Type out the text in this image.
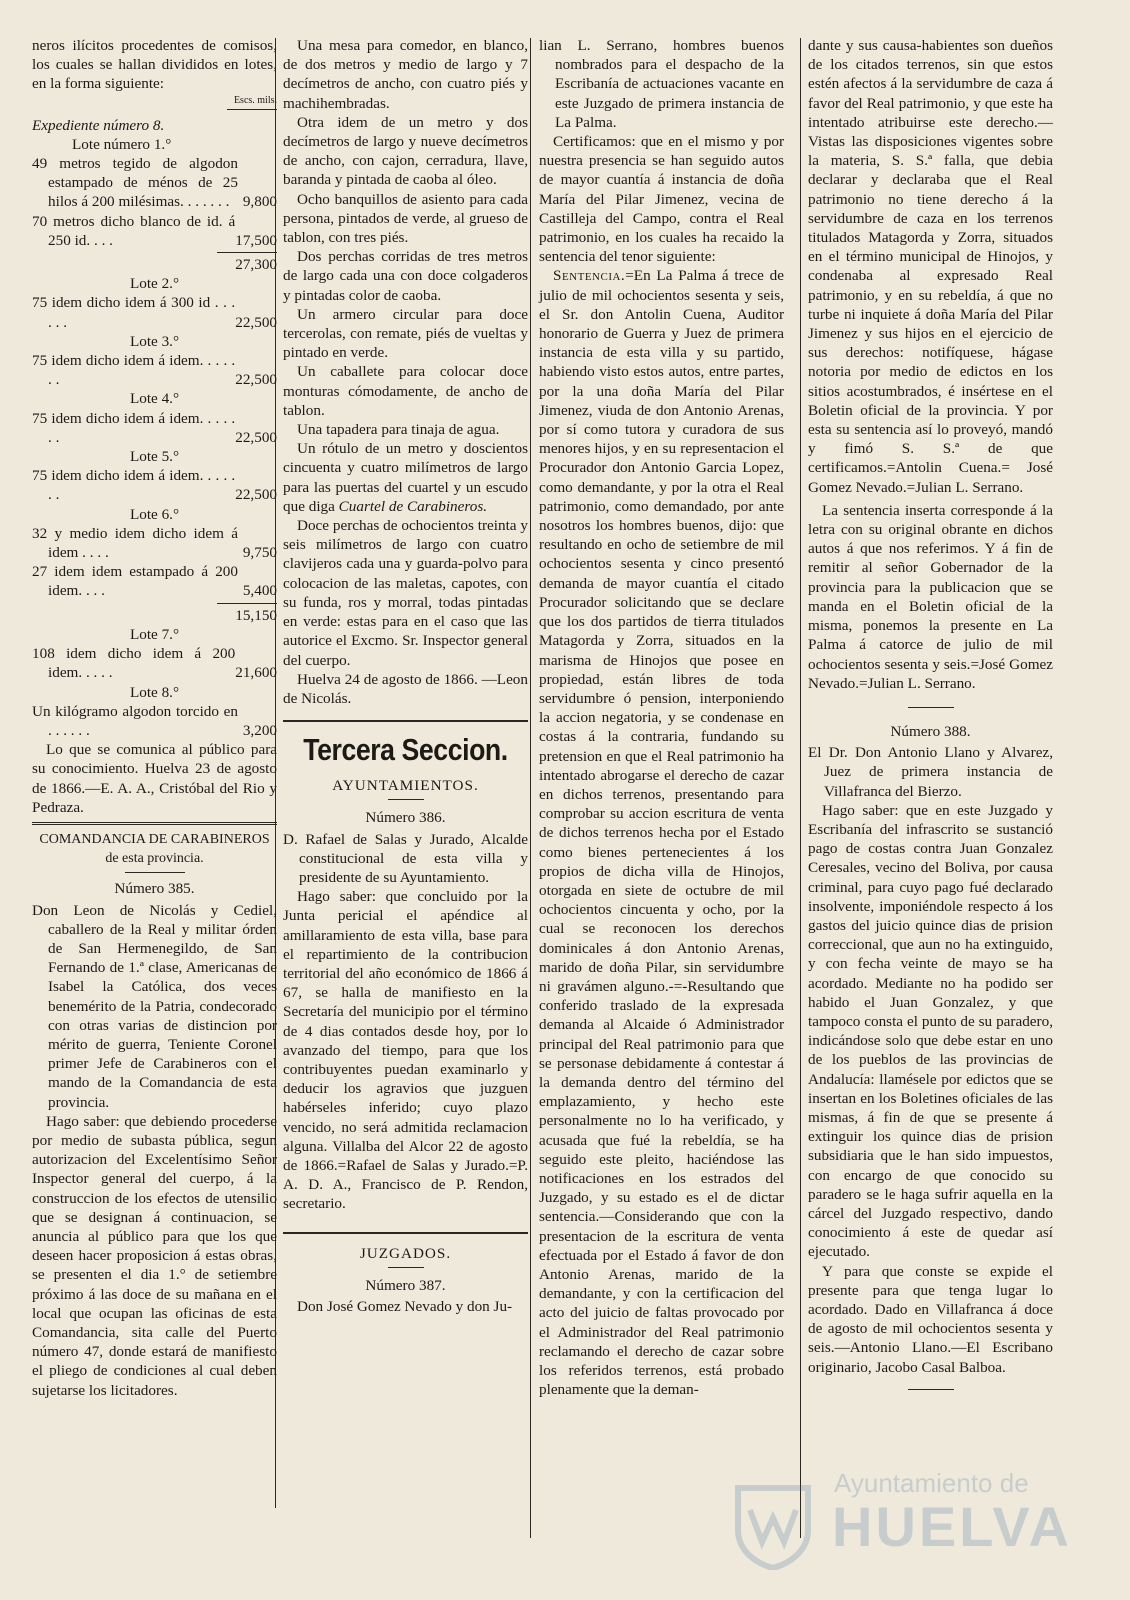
neros ilícitos procedentes de comisos, los cuales se hallan divididos en lotes, en la forma siguiente:

Escs. mils.
Expediente número 8.
Lote número 1.°
49 metros tegido de algodon estampado de ménos de 25 hilos á 200 milésimas. . . . . . . 9,800
70 metros dicho blanco de id. á 250 id. . . .	17,500
27,300
Lote 2.°
75 idem dicho idem á 300 id . . . . . .	22,500
Lote 3.°
75 idem dicho idem á idem. . . . . . .	22,500
Lote 4.°
75 idem dicho idem á idem. . . . . . .	22,500
Lote 5.°
75 idem dicho idem á idem. . . . . . .	22,500
Lote 6.°
32 y medio idem dicho idem á idem . . . .	9,750
27 idem idem estampado á 200 idem. . . .	5,400
15,150
Lote 7.°
108 idem dicho idem á 200 idem. . . . .	21,600
Lote 8.°
Un kilógramo algodon torcido en . . . . . .	3,200

Lo que se comunica al público para su conocimiento. Huelva 23 de agosto de 1866.—E. A. A., Cristóbal del Rio y Pedraza.

COMANDANCIA DE CARABINEROS de esta provincia.
Número 385.

Don Leon de Nicolás y Cediel, caballero de la Real y militar órden de San Hermenegildo, de San Fernando de 1.ª clase, Americanas de Isabel la Católica, dos veces benemérito de la Patria, condecorado con otras varias de distincion por mérito de guerra, Teniente Coronel primer Jefe de Carabineros con el mando de la Comandancia de esta provincia.

Hago saber: que debiendo procederse por medio de subasta pública, segun autorizacion del Excelentísimo Señor Inspector general del cuerpo, á la construccion de los efectos de utensilio que se designan á continuacion, se anuncia al público para que los que deseen hacer proposicion á estas obras, se presenten el dia 1.° de setiembre próximo á las doce de su mañana en el local que ocupan las oficinas de esta Comandancia, sita calle del Puerto número 47, donde estará de manifiesto el pliego de condiciones al cual deben sujetarse los licitadores.

Una mesa para comedor, en blanco, de dos metros y medio de largo y 7 decímetros de ancho, con cuatro piés y machihembradas.

Otra idem de un metro y dos decímetros de largo y nueve decímetros de ancho, con cajon, cerradura, llave, baranda y pintada de caoba al óleo.

Ocho banquillos de asiento para cada persona, pintados de verde, al grueso de tablon, con tres piés.

Dos perchas corridas de tres metros de largo cada una con doce colgaderos y pintadas color de caoba.

Un armero circular para doce tercerolas, con remate, piés de vueltas y pintado en verde.

Un caballete para colocar doce monturas cómodamente, de ancho de tablon.

Una tapadera para tinaja de agua.

Un rótulo de un metro y doscientos cincuenta y cuatro milímetros de largo para las puertas del cuartel y un escudo que diga Cuartel de Carabineros.

Doce perchas de ochocientos treinta y seis milímetros de largo con cuatro clavijeros cada una y guarda-polvo para colocacion de las maletas, capotes, con su funda, ros y morral, todas pintadas en verde: estas para en el caso que las autorice el Excmo. Sr. Inspector general del cuerpo.

Huelva 24 de agosto de 1866. —Leon de Nicolás.

Tercera Seccion.
AYUNTAMIENTOS.
Número 386.

D. Rafael de Salas y Jurado, Alcalde constitucional de esta villa y presidente de su Ayuntamiento.

Hago saber: que concluido por la Junta pericial el apéndice al amillaramiento de esta villa, base para el repartimiento de la contribucion territorial del año económico de 1866 á 67, se halla de manifiesto en la Secretaría del municipio por el término de 4 dias contados desde hoy, por lo avanzado del tiempo, para que los contribuyentes puedan examinarlo y deducir los agravios que juzguen habérseles inferido; cuyo plazo vencido, no será admitida reclamacion alguna. Villalba del Alcor 22 de agosto de 1866.=Rafael de Salas y Jurado.=P. A. D. A., Francisco de P. Rendon, secretario.

JUZGADOS.
Número 387.

Don José Gomez Nevado y don Ju-

lian L. Serrano, hombres buenos nombrados para el despacho de la Escribanía de actuaciones vacante en este Juzgado de primera instancia de La Palma.

Certificamos: que en el mismo y por nuestra presencia se han seguido autos de mayor cuantía á instancia de doña María del Pilar Jimenez, vecina de Castilleja del Campo, contra el Real patrimonio, en los cuales ha recaido la sentencia del tenor siguiente:

Sentencia.=En La Palma á trece de julio de mil ochocientos sesenta y seis, el Sr. don Antolin Cuena, Auditor honorario de Guerra y Juez de primera instancia de esta villa y su partido, habiendo visto estos autos, entre partes, por la una doña María del Pilar Jimenez, viuda de don Antonio Arenas, por sí como tutora y curadora de sus menores hijos, y en su representacion el Procurador don Antonio Garcia Lopez, como demandante, y por la otra el Real patrimonio, como demandado, por ante nosotros los hombres buenos, dijo: que resultando en ocho de setiembre de mil ochocientos sesenta y cinco presentó demanda de mayor cuantía el citado Procurador solicitando que se declare que los dos partidos de tierra titulados Matagorda y Zorra, situados en la marisma de Hinojos que posee en propiedad, están libres de toda servidumbre ó pension, interponiendo la accion negatoria, y se condenase en costas á la contraria, fundando su pretension en que el Real patrimonio ha intentado abrogarse el derecho de cazar en dichos terrenos, presentando para comprobar su accion escritura de venta de dichos terrenos hecha por el Estado como bienes pertenecientes á los propios de dicha villa de Hinojos, otorgada en siete de octubre de mil ochocientos cincuenta y ocho, por la cual se reconocen los derechos dominicales á don Antonio Arenas, marido de doña Pilar, sin servidumbre ni gravámen alguno.-=-Resultando que conferido traslado de la expresada demanda al Alcaide ó Administrador principal del Real patrimonio para que se personase debidamente á contestar á la demanda dentro del término del emplazamiento, y hecho este personalmente no lo ha verificado, y acusada que fué la rebeldía, se ha seguido este pleito, haciéndose las notificaciones en los estrados del Juzgado, y su estado es el de dictar sentencia.—Considerando que con la presentacion de la escritura de venta efectuada por el Estado á favor de don Antonio Arenas, marido de la demandante, y con la certificacion del acto del juicio de faltas provocado por el Administrador del Real patrimonio reclamando el derecho de cazar sobre los referidos terrenos, está probado plenamente que la deman-

dante y sus causa-habientes son dueños de los citados terrenos, sin que estos estén afectos á la servidumbre de caza á favor del Real patrimonio, y que este ha intentado atribuirse este derecho.—Vistas las disposiciones vigentes sobre la materia, S. S.ª falla, que debia declarar y declaraba que el Real patrimonio no tiene derecho á la servidumbre de caza en los terrenos titulados Matagorda y Zorra, situados en el término municipal de Hinojos, y condenaba al expresado Real patrimonio, y en su rebeldía, á que no turbe ni inquiete á doña María del Pilar Jimenez y sus hijos en el ejercicio de sus derechos: notifíquese, hágase notoria por medio de edictos en los sitios acostumbrados, é insértese en el Boletin oficial de la provincia. Y por esta su sentencia así lo proveyó, mandó y fimó S. S.ª de que certificamos.=Antolin Cuena.= José Gomez Nevado.=Julian L. Serrano.

La sentencia inserta corresponde á la letra con su original obrante en dichos autos á que nos referimos. Y á fin de remitir al señor Gobernador de la provincia para la publicacion que se manda en el Boletin oficial de la misma, ponemos la presente en La Palma á catorce de julio de mil ochocientos sesenta y seis.=José Gomez Nevado.=Julian L. Serrano.

Número 388.

El Dr. Don Antonio Llano y Alvarez, Juez de primera instancia de Villafranca del Bierzo.

Hago saber: que en este Juzgado y Escribanía del infrascrito se sustanció pago de costas contra Juan Gonzalez Ceresales, vecino del Boliva, por causa criminal, para cuyo pago fué declarado insolvente, imponiéndole respecto á los gastos del juicio quince dias de prision correccional, que aun no ha extinguido, y con fecha veinte de mayo se ha acordado. Mediante no ha podido ser habido el Juan Gonzalez, y que tampoco consta el punto de su paradero, indicándose solo que debe estar en uno de los pueblos de las provincias de Andalucía: llamésele por edictos que se insertan en los Boletines oficiales de las mismas, á fin de que se presente á extinguir los quince dias de prision subsidiaria que le han sido impuestos, con encargo de que conocido su paradero se le haga sufrir aquella en la cárcel del Juzgado respectivo, dando conocimiento á este de quedar así ejecutado.

Y para que conste se expide el presente para que tenga lugar lo acordado. Dado en Villafranca á doce de agosto de mil ochocientos sesenta y seis.—Antonio Llano.—El Escribano originario, Jacobo Casal Balboa.

Ayuntamiento de
HUELVA
